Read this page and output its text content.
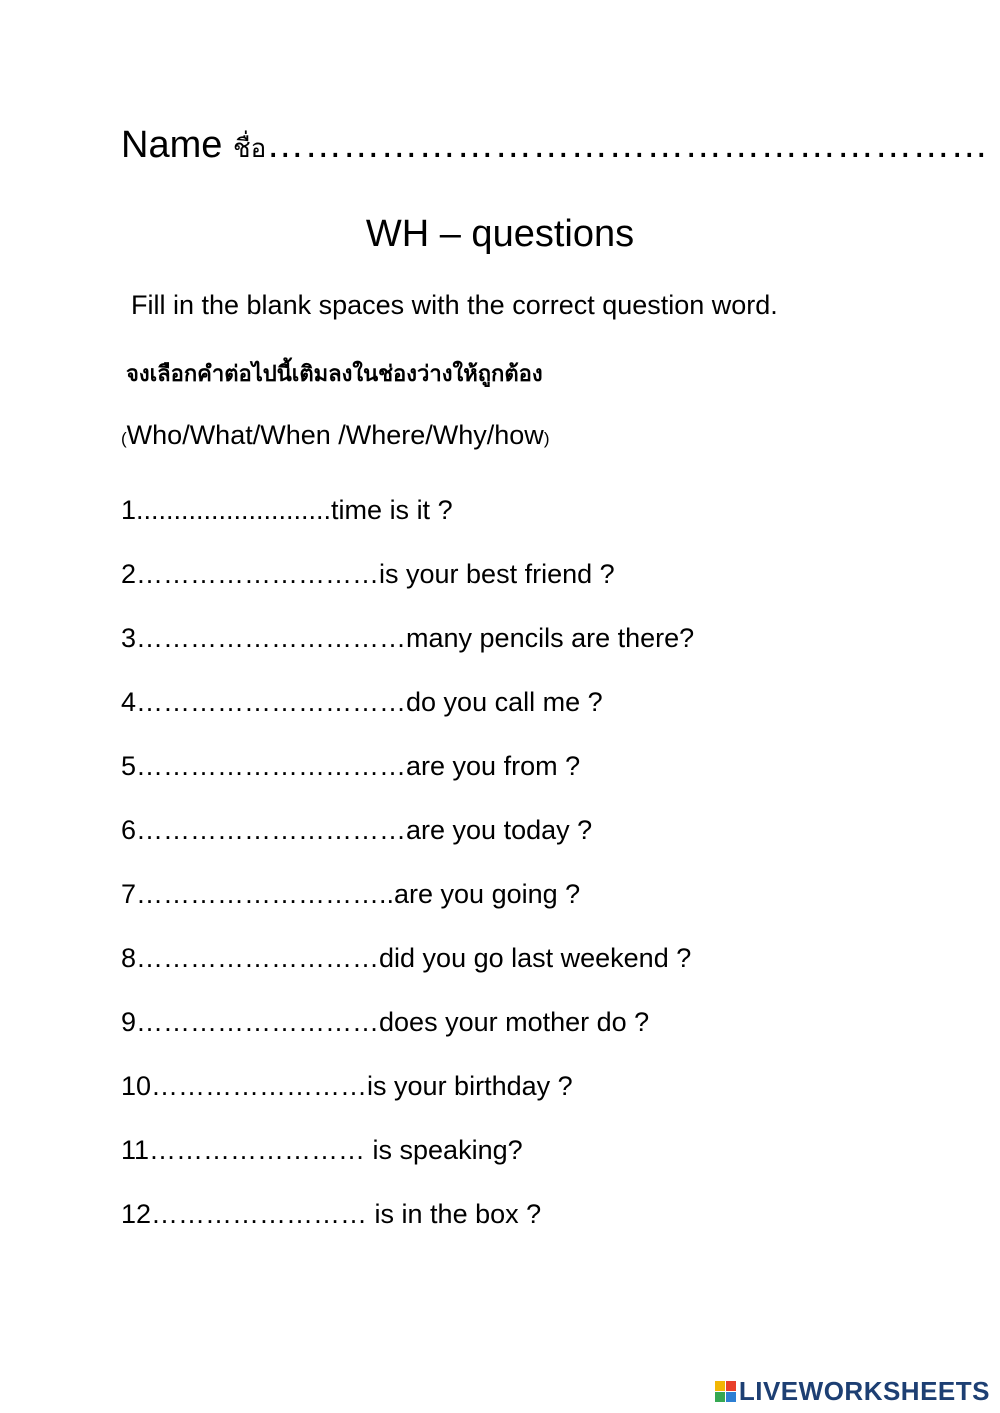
Name ชื่อ…………………………………………………
WH – questions
Fill in the blank spaces with the correct question word.
จงเลือกคำต่อไปนี้เติมลงในช่องว่างให้ถูกต้อง
(Who/What/When /Where/Why/how)
1..........................time is it ?
2………………………is your best friend ?
3…………………………many pencils are there?
4…………………………do you call me ?
5…………………………are you from ?
6…………………………are you today ?
7………………………..are you going ?
8………………………did you go last weekend ?
9………………………does your mother do ?
10……………………is your birthday ?
11…………………… is speaking?
12…………………… is in the box ?
LIVEWORKSHEETS
